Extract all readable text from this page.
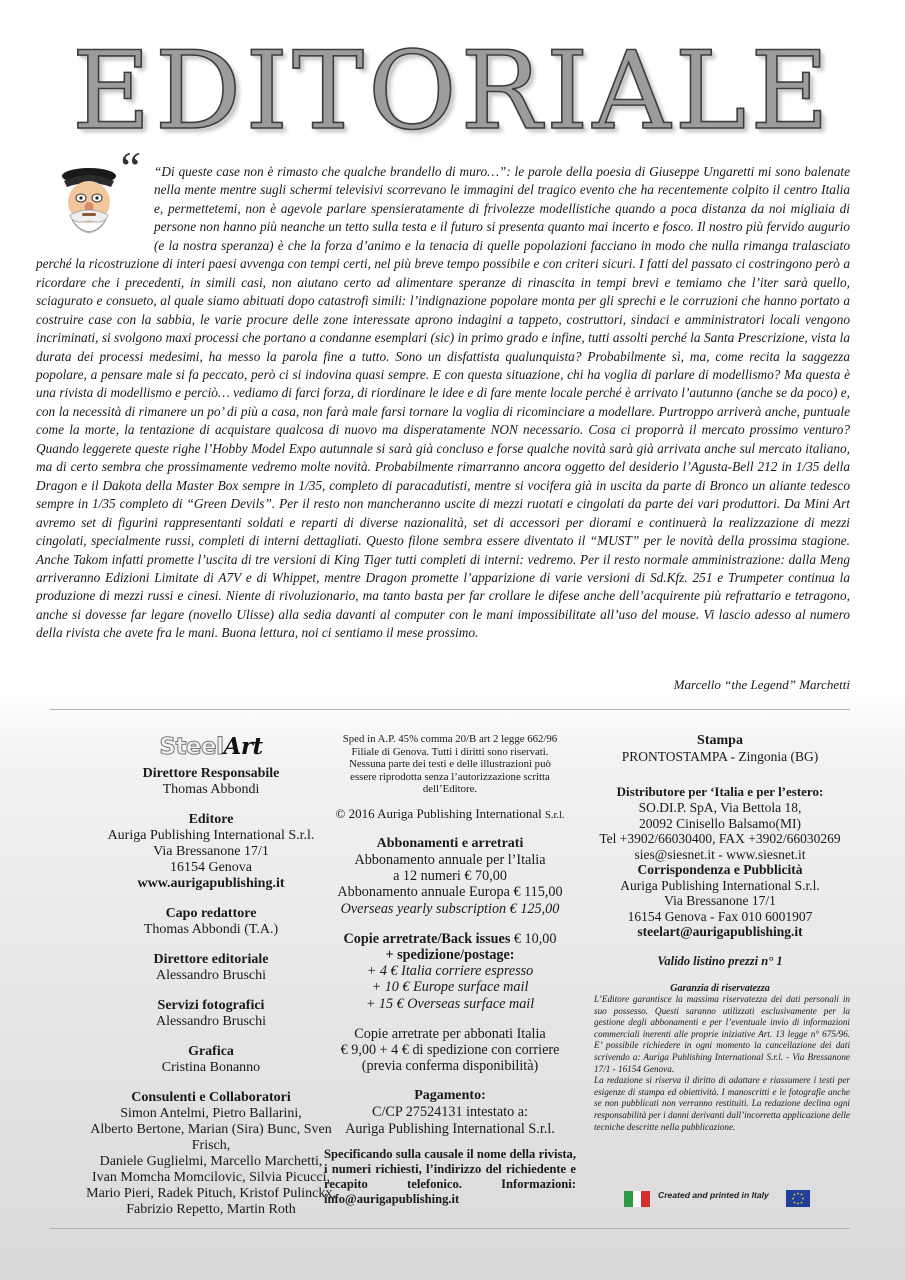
EDITORIALE
“ “Di queste case non è rimasto che qualche brandello di muro…”: le parole della poesia di Giuseppe Ungaretti mi sono balenate nella mente mentre sugli schermi televisivi scorrevano le immagini del tragico evento che ha recentemente colpito il centro Italia e, permettetemi, non è agevole parlare spensieratamente di frivolezze modellistiche quando a poca distanza da noi migliaia di persone non hanno più neanche un tetto sulla testa e il futuro si presenta quanto mai incerto e fosco. Il nostro più fervido augurio (e la nostra speranza) è che la forza d’animo e la tenacia di quelle popolazioni facciano in modo che nulla rimanga tralasciato perché la ricostruzione di interi paesi avvenga con tempi certi, nel più breve tempo possibile e con criteri sicuri. I fatti del passato ci costringono però a ricordare che i precedenti, in simili casi, non aiutano certo ad alimentare speranze di rinascita in tempi brevi e temiamo che l’iter sarà quello, sciagurato e consueto, al quale siamo abituati dopo catastrofi simili: l’indignazione popolare monta per gli sprechi e le corruzioni che hanno portato a costruire case con la sabbia, le varie procure delle zone interessate aprono indagini a tappeto, costruttori, sindaci e amministratori locali vengono incriminati, si svolgono maxi processi che portano a condanne esemplari (sic) in primo grado e infine, tutti assolti perché la Santa Prescrizione, vista la durata dei processi medesimi, ha messo la parola fine a tutto. Sono un disfattista qualunquista? Probabilmente sì, ma, come recita la saggezza popolare, a pensare male si fa peccato, però ci si indovina quasi sempre. E con questa situazione, chi ha voglia di parlare di modellismo? Ma questa è una rivista di modellismo e perciò… vediamo di farci forza, di riordinare le idee e di fare mente locale perché è arrivato l’autunno (anche se da poco) e, con la necessità di rimanere un po’ di più a casa, non farà male farsi tornare la voglia di ricominciare a modellare. Purtroppo arriverà anche, puntuale come la morte, la tentazione di acquistare qualcosa di nuovo ma disperatamente NON necessario. Cosa ci proporrà il mercato prossimo venturo? Quando leggerete queste righe l’Hobby Model Expo autunnale si sarà già concluso e forse qualche novità sarà già arrivata anche sul mercato italiano, ma di certo sembra che prossimamente vedremo molte novità. Probabilmente rimarranno ancora oggetto del desiderio l’Agusta-Bell 212 in 1/35 della Dragon e il Dakota della Master Box sempre in 1/35, completo di paracadutisti, mentre si vocifera già in uscita da parte di Bronco un aliante tedesco sempre in 1/35 completo di “Green Devils”. Per il resto non mancheranno uscite di mezzi ruotati e cingolati da parte dei vari produttori. Da Mini Art avremo set di figurini rappresentanti soldati e reparti di diverse nazionalità, set di accessori per diorami e continuerà la realizzazione di mezzi cingolati, specialmente russi, completi di interni dettagliati. Questo filone sembra essere diventato il “MUST” per le novità della prossima stagione. Anche Takom infatti promette l’uscita di tre versioni di King Tiger tutti completi di interni: vedremo. Per il resto normale amministrazione: dalla Meng arriveranno Edizioni Limitate di A7V e di Whippet, mentre Dragon promette l’apparizione di varie versioni di Sd.Kfz. 251 e Trumpeter continua la produzione di mezzi russi e cinesi. Niente di rivoluzionario, ma tanto basta per far crollare le difese anche dell’acquirente più refrattario e tetragono, anche si dovesse far legare (novello Ulisse) alla sedia davanti al computer con le mani impossibilitate all’uso del mouse. Vi lascio adesso al numero della rivista che avete fra le mani. Buona lettura, noi ci sentiamo il mese prossimo.
Marcello “the Legend” Marchetti
SteelArt
Direttore Responsabile
Thomas Abbondi
Editore
Auriga Publishing International S.r.l.
Via Bressanone 17/1
16154 Genova
www.aurigapublishing.it
Capo redattore
Thomas Abbondi (T.A.)
Direttore editoriale
Alessandro Bruschi
Servizi fotografici
Alessandro Bruschi
Grafica
Cristina Bonanno
Consulenti e Collaboratori
Simon Antelmi, Pietro Ballarini,
Alberto Bertone, Marian (Sira) Bunc, Sven Frisch,
Daniele Guglielmi, Marcello Marchetti,
Ivan Momcha Momcilovic, Silvia Picucci,
Mario Pieri, Radek Pituch, Kristof Pulinckx,
Fabrizio Repetto, Martin Roth
Sped in A.P. 45% comma 20/B art 2 legge 662/96
Filiale di Genova. Tutti i diritti sono riservati.
Nessuna parte dei testi e delle illustrazioni può
essere riprodotta senza l’autorizzazione scritta
dell’Editore.
© 2016 Auriga Publishing International S.r.l.
Abbonamenti e arretrati
Abbonamento annuale per l’Italia
a 12 numeri € 70,00
Abbonamento annuale Europa € 115,00
Overseas yearly subscription € 125,00
Copie arretrate/Back issues € 10,00
+ spedizione/postage:
+ 4 € Italia corriere espresso
+ 10 € Europe surface mail
+ 15 € Overseas surface mail
Copie arretrate per abbonati Italia
€ 9,00 + 4 € di spedizione con corriere
(previa conferma disponibilità)
Pagamento:
C/CP 27524131 intestato a:
Auriga Publishing International S.r.l.
Specificando sulla causale il nome della rivista, i numeri richiesti, l’indirizzo del richiedente e recapito telefonico. Informazioni: info@aurigapublishing.it
Stampa
PRONTOSTAMPA - Zingonia (BG)
Distributore per ‘Italia e per l’estero:
SO.DI.P. SpA, Via Bettola 18,
20092 Cinisello Balsamo(MI)
Tel +3902/66030400, FAX +3902/66030269
sies@siesnet.it - www.siesnet.it
Corrispondenza e Pubblicità
Auriga Publishing International S.r.l.
Via Bressanone 17/1
16154 Genova - Fax 010 6001907
steelart@aurigapublishing.it
Valido listino prezzi n° 1
Garanzia di riservatezza
L’Editore garantisce la massima riservatezza dei dati personali in suo possesso. Questi saranno utilizzati esclusivamente per la gestione degli abbonamenti e per l’eventuale invio di informazioni commerciali inerenti alle proprie iniziative Art. 13 legge n° 675/96. E’ possibile richiedere in ogni momento la cancellazione dei dati scrivendo a: Auriga Publishing International S.r.l. - Via Bressanone 17/1 - 16154 Genova.
La redazione si riserva il diritto di adattare e riassumere i testi per esigenze di stampa ed obiettività. I manoscritti e le fotografie anche se non pubblicati non verranno restituiti. La redazione declina ogni responsabilità per i danni derivanti dall’incorretta applicazione delle tecniche descritte nella pubblicazione.
Created and printed in Italy
